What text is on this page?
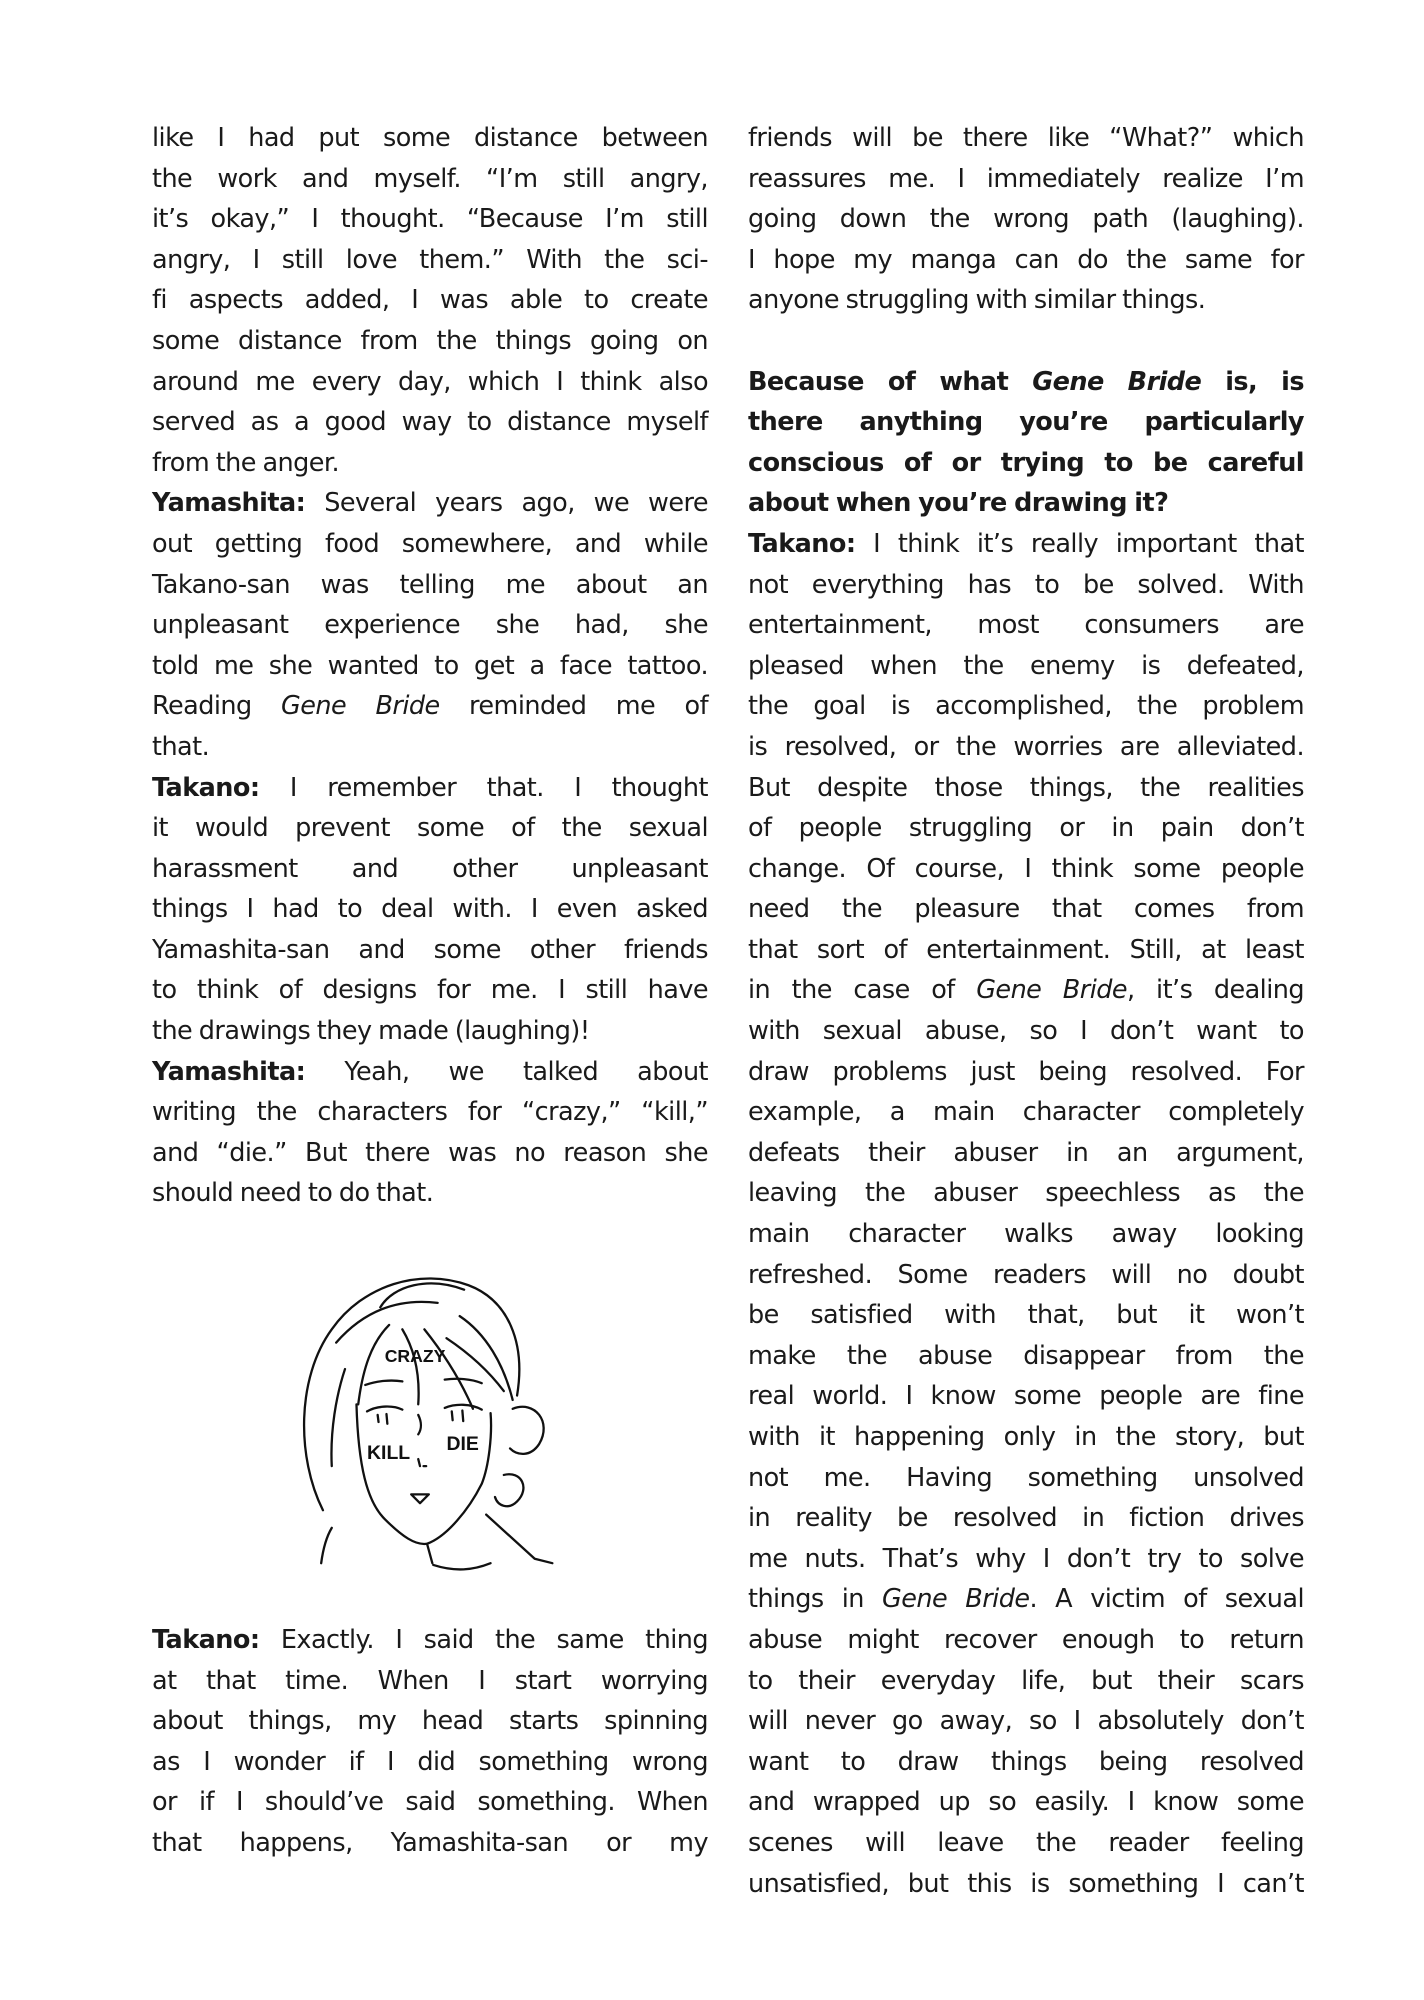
like I had put some distance between
the work and myself. “I’m still angry,
it’s okay,” I thought. “Because I’m still
angry, I still love them.” With the sci-
fi aspects added, I was able to create
some distance from the things going on
around me every day, which I think also
served as a good way to distance myself
from the anger.
Yamashita: Several years ago, we were
out getting food somewhere, and while
Takano-san was telling me about an
unpleasant experience she had, she
told me she wanted to get a face tattoo.
Reading Gene Bride reminded me of
that.
Takano: I remember that. I thought
it would prevent some of the sexual
harassment and other unpleasant
things I had to deal with. I even asked
Yamashita-san and some other friends
to think of designs for me. I still have
the drawings they made (laughing)!
Yamashita: Yeah, we talked about
writing the characters for “crazy,” “kill,”
and “die.” But there was no reason she
should need to do that.
CRAZY
KILL DIE
Takano: Exactly. I said the same thing
at that time. When I start worrying
about things, my head starts spinning
as I wonder if I did something wrong
or if I should’ve said something. When
that happens, Yamashita-san or my
friends will be there like “What?” which
reassures me. I immediately realize I’m
going down the wrong path (laughing).
I hope my manga can do the same for
anyone struggling with similar things.
Because of what Gene Bride is, is
there anything you’re particularly
conscious of or trying to be careful
about when you’re drawing it?
Takano: I think it’s really important that
not everything has to be solved. With
entertainment, most consumers are
pleased when the enemy is defeated,
the goal is accomplished, the problem
is resolved, or the worries are alleviated.
But despite those things, the realities
of people struggling or in pain don’t
change. Of course, I think some people
need the pleasure that comes from
that sort of entertainment. Still, at least
in the case of Gene Bride, it’s dealing
with sexual abuse, so I don’t want to
draw problems just being resolved. For
example, a main character completely
defeats their abuser in an argument,
leaving the abuser speechless as the
main character walks away looking
refreshed. Some readers will no doubt
be satisfied with that, but it won’t
make the abuse disappear from the
real world. I know some people are fine
with it happening only in the story, but
not me. Having something unsolved
in reality be resolved in fiction drives
me nuts. That’s why I don’t try to solve
things in Gene Bride. A victim of sexual
abuse might recover enough to return
to their everyday life, but their scars
will never go away, so I absolutely don’t
want to draw things being resolved
and wrapped up so easily. I know some
scenes will leave the reader feeling
unsatisfied, but this is something I can’t
